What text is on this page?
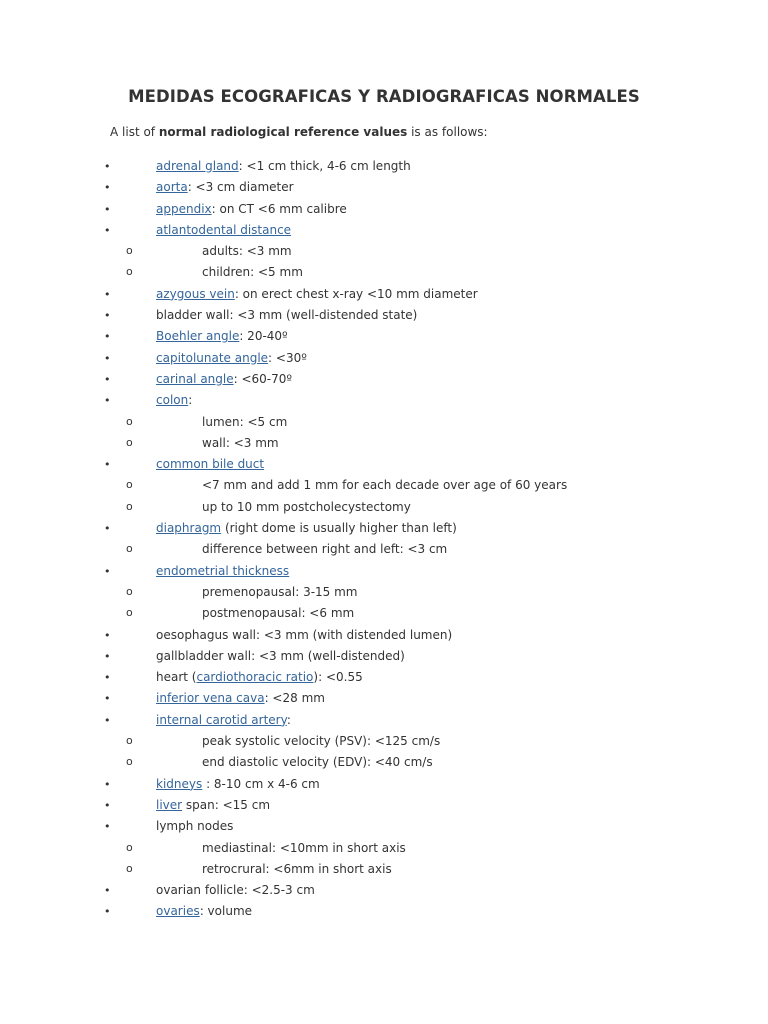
MEDIDAS ECOGRAFICAS Y RADIOGRAFICAS NORMALES

A list of normal radiological reference values is as follows:

•	adrenal gland: <1 cm thick, 4-6 cm length
•	aorta: <3 cm diameter
•	appendix: on CT <6 mm calibre
•	atlantodental distance
o	adults: <3 mm
o	children: <5 mm
•	azygous vein: on erect chest x-ray <10 mm diameter
•	bladder wall: <3 mm (well-distended state)
•	Boehler angle: 20-40º
•	capitolunate angle: <30º
•	carinal angle: <60-70º
•	colon:
o	lumen: <5 cm
o	wall: <3 mm
•	common bile duct
o	<7 mm and add 1 mm for each decade over age of 60 years
o	up to 10 mm postcholecystectomy
•	diaphragm (right dome is usually higher than left)
o	difference between right and left: <3 cm
•	endometrial thickness
o	premenopausal: 3-15 mm
o	postmenopausal: <6 mm
•	oesophagus wall: <3 mm (with distended lumen)
•	gallbladder wall: <3 mm (well-distended)
•	heart (cardiothoracic ratio): <0.55
•	inferior vena cava: <28 mm
•	internal carotid artery:
o	peak systolic velocity (PSV): <125 cm/s
o	end diastolic velocity (EDV): <40 cm/s
•	kidneys : 8-10 cm x 4-6 cm
•	liver span: <15 cm
•	lymph nodes
o	mediastinal: <10mm in short axis
o	retrocrural: <6mm in short axis
•	ovarian follicle: <2.5-3 cm
•	ovaries: volume
